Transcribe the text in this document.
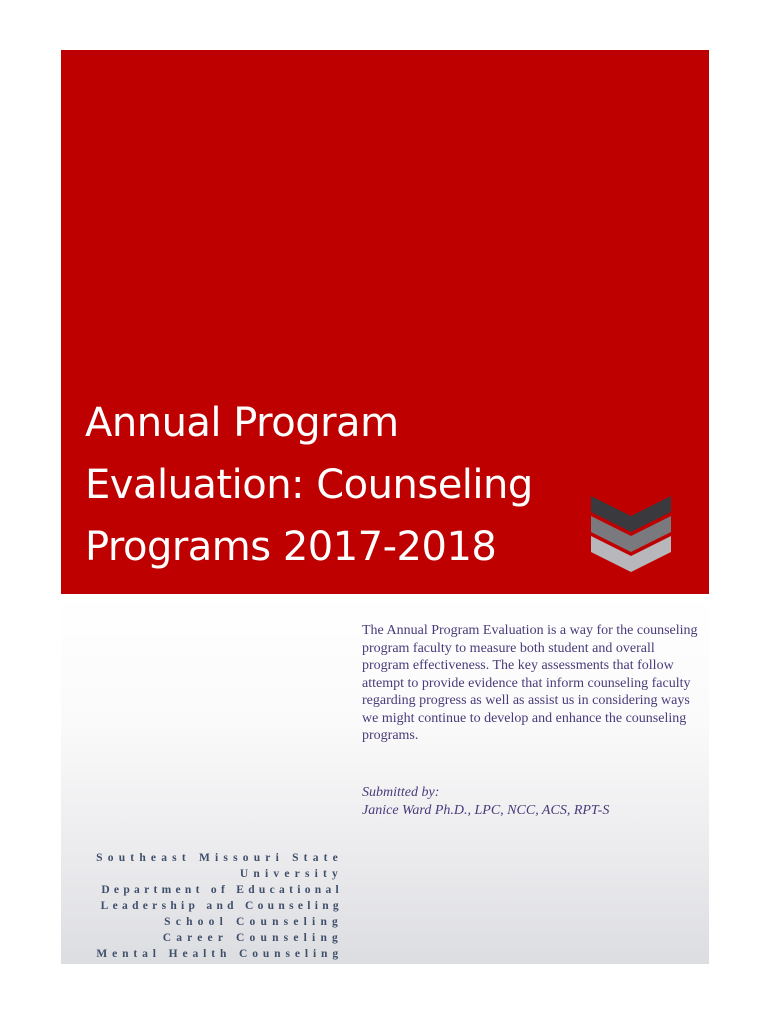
Annual Program
Evaluation: Counseling
Programs 2017-2018

The Annual Program Evaluation is a way for the counseling program faculty to measure both student and overall program effectiveness. The key assessments that follow attempt to provide evidence that inform counseling faculty regarding progress as well as assist us in considering ways we might continue to develop and enhance the counseling programs.

Submitted by:
Janice Ward Ph.D., LPC, NCC, ACS, RPT-S

Southeast Missouri State
University
Department of Educational
Leadership and Counseling
School Counseling
Career Counseling
Mental Health Counseling
